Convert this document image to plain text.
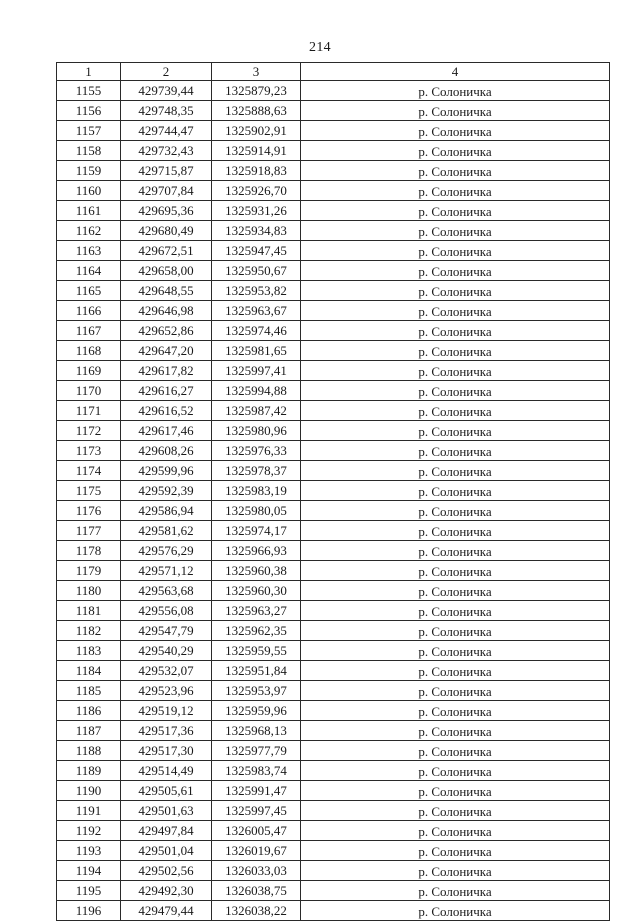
214
1	2	3	4
1155	429739,44	1325879,23	р. Солоничка
1156	429748,35	1325888,63	р. Солоничка
1157	429744,47	1325902,91	р. Солоничка
1158	429732,43	1325914,91	р. Солоничка
1159	429715,87	1325918,83	р. Солоничка
1160	429707,84	1325926,70	р. Солоничка
1161	429695,36	1325931,26	р. Солоничка
1162	429680,49	1325934,83	р. Солоничка
1163	429672,51	1325947,45	р. Солоничка
1164	429658,00	1325950,67	р. Солоничка
1165	429648,55	1325953,82	р. Солоничка
1166	429646,98	1325963,67	р. Солоничка
1167	429652,86	1325974,46	р. Солоничка
1168	429647,20	1325981,65	р. Солоничка
1169	429617,82	1325997,41	р. Солоничка
1170	429616,27	1325994,88	р. Солоничка
1171	429616,52	1325987,42	р. Солоничка
1172	429617,46	1325980,96	р. Солоничка
1173	429608,26	1325976,33	р. Солоничка
1174	429599,96	1325978,37	р. Солоничка
1175	429592,39	1325983,19	р. Солоничка
1176	429586,94	1325980,05	р. Солоничка
1177	429581,62	1325974,17	р. Солоничка
1178	429576,29	1325966,93	р. Солоничка
1179	429571,12	1325960,38	р. Солоничка
1180	429563,68	1325960,30	р. Солоничка
1181	429556,08	1325963,27	р. Солоничка
1182	429547,79	1325962,35	р. Солоничка
1183	429540,29	1325959,55	р. Солоничка
1184	429532,07	1325951,84	р. Солоничка
1185	429523,96	1325953,97	р. Солоничка
1186	429519,12	1325959,96	р. Солоничка
1187	429517,36	1325968,13	р. Солоничка
1188	429517,30	1325977,79	р. Солоничка
1189	429514,49	1325983,74	р. Солоничка
1190	429505,61	1325991,47	р. Солоничка
1191	429501,63	1325997,45	р. Солоничка
1192	429497,84	1326005,47	р. Солоничка
1193	429501,04	1326019,67	р. Солоничка
1194	429502,56	1326033,03	р. Солоничка
1195	429492,30	1326038,75	р. Солоничка
1196	429479,44	1326038,22	р. Солоничка
